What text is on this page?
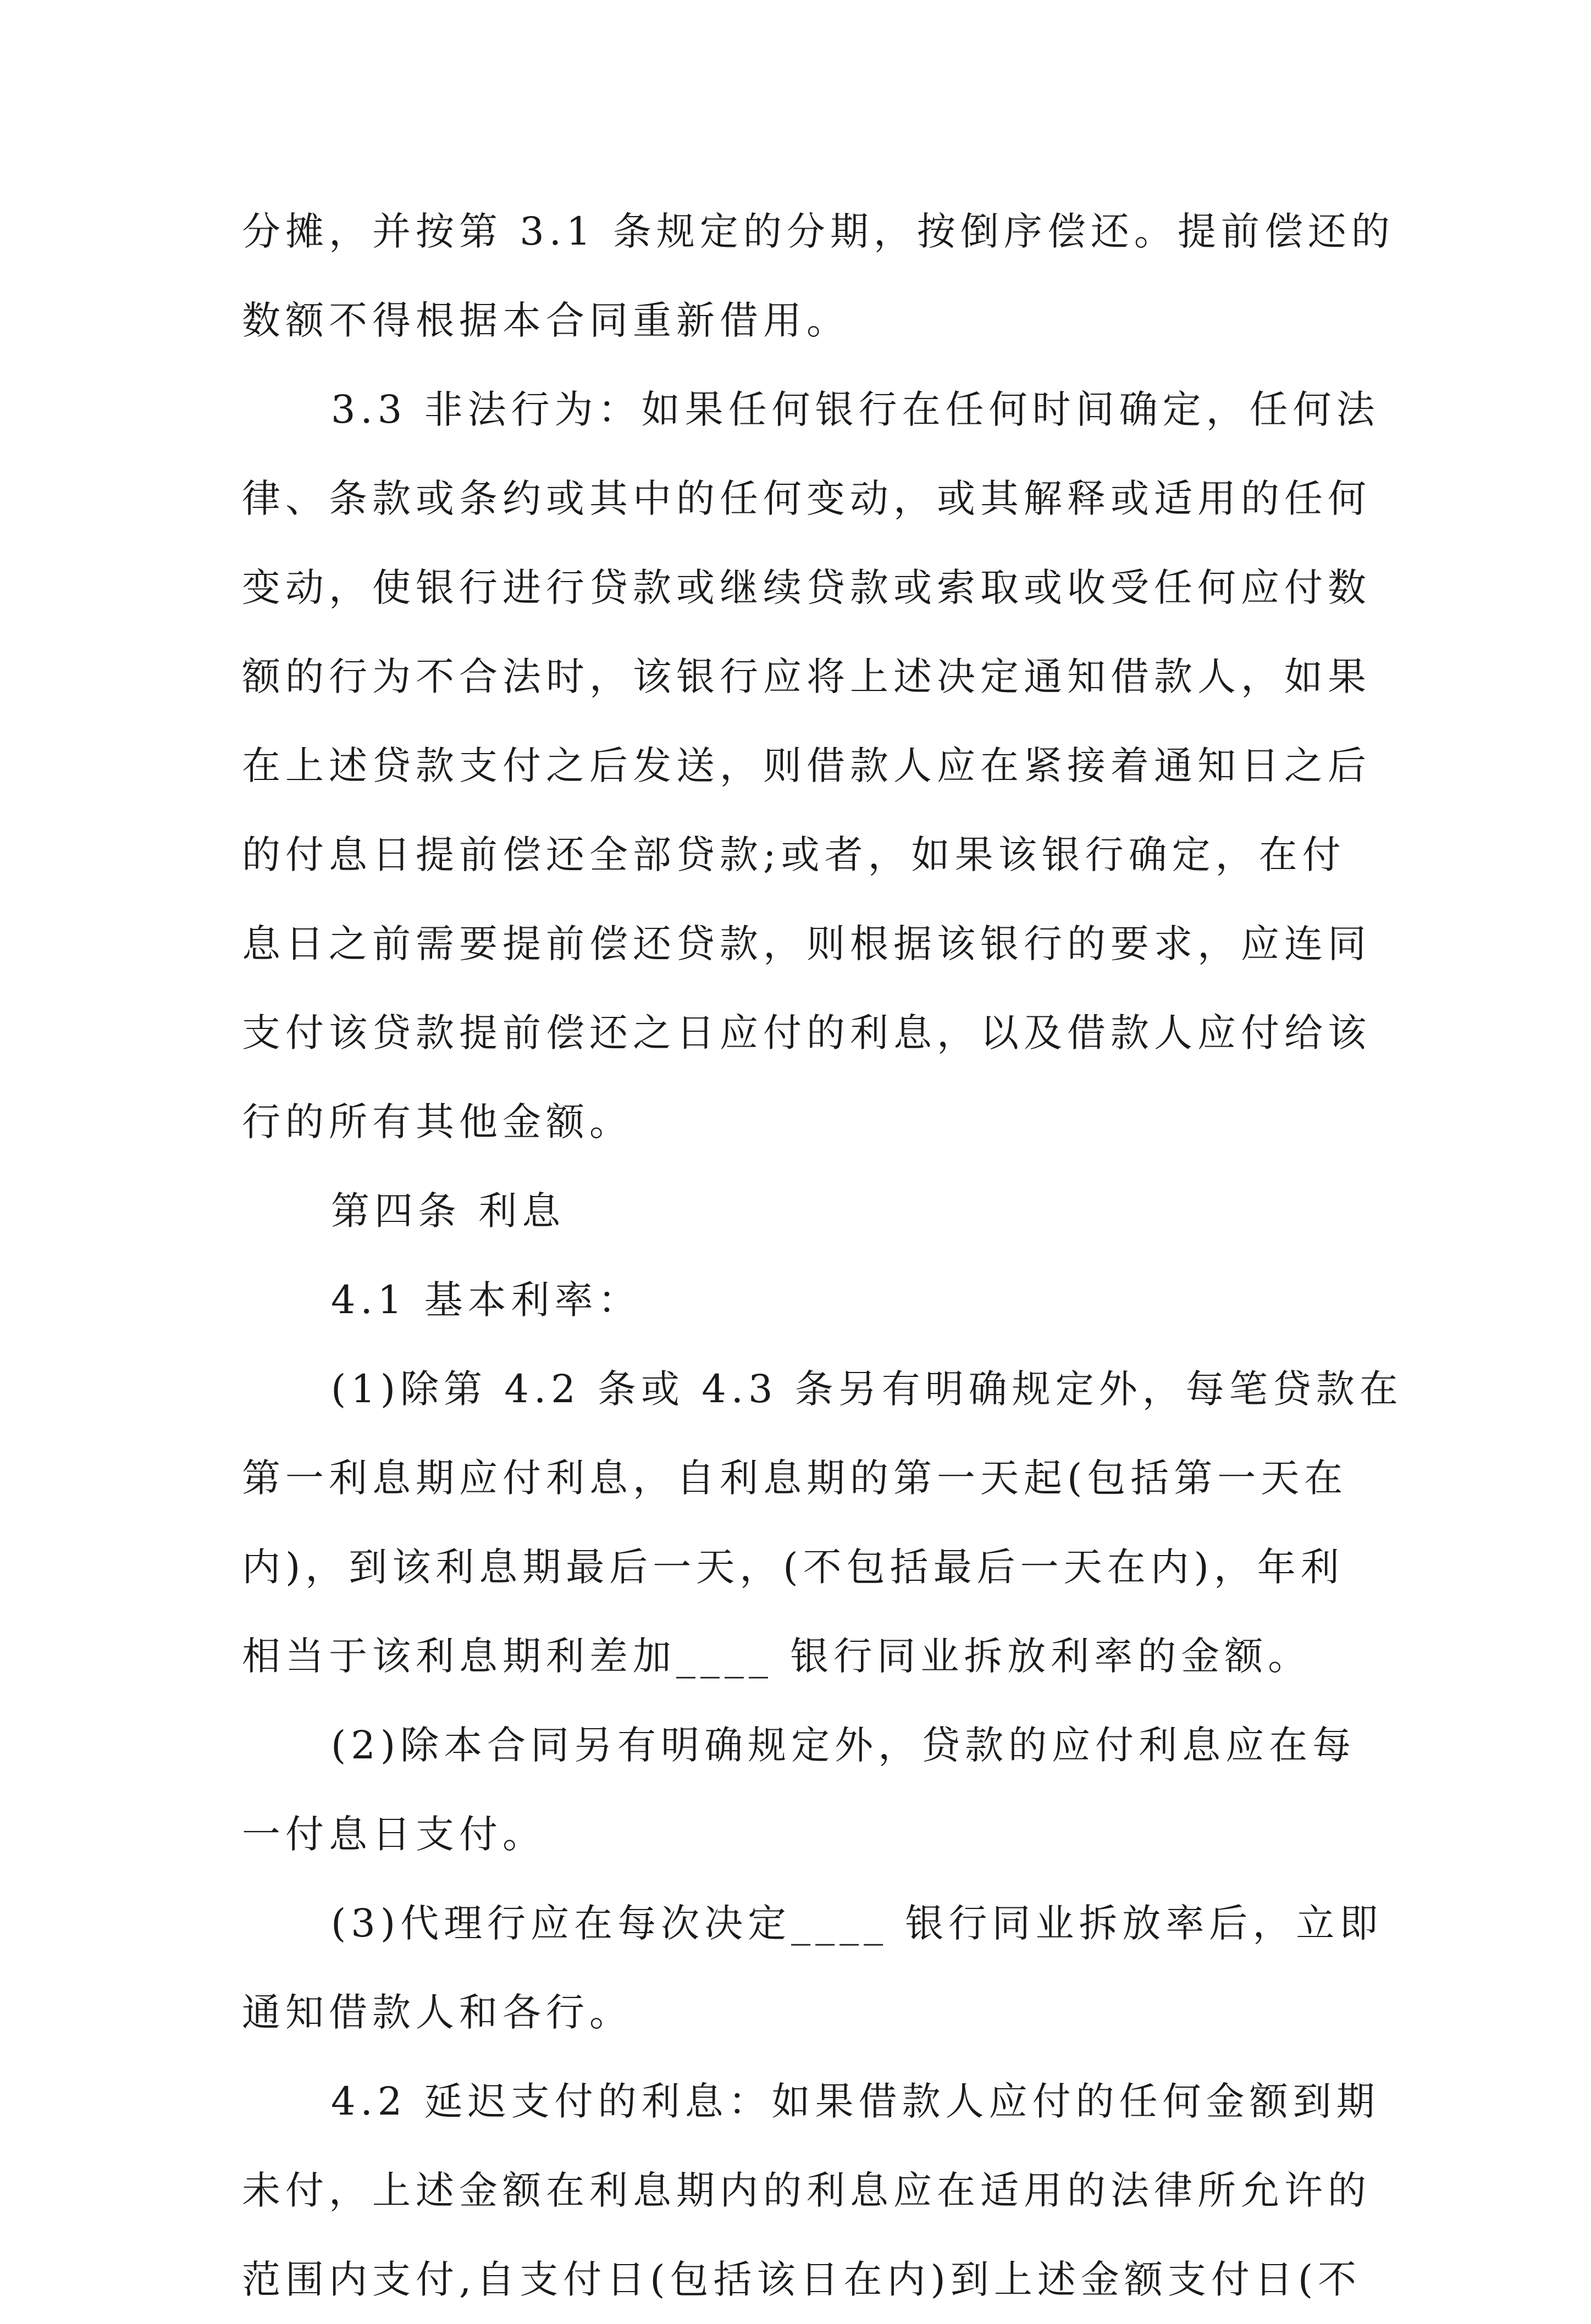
分摊，并按第 3.1 条规定的分期，按倒序偿还。提前偿还的
数额不得根据本合同重新借用。
3.3 非法行为：如果任何银行在任何时间确定，任何法
律、条款或条约或其中的任何变动，或其解释或适用的任何
变动，使银行进行贷款或继续贷款或索取或收受任何应付数
额的行为不合法时，该银行应将上述决定通知借款人，如果
在上述贷款支付之后发送，则借款人应在紧接着通知日之后
的付息日提前偿还全部贷款;或者，如果该银行确定，在付
息日之前需要提前偿还贷款，则根据该银行的要求，应连同
支付该贷款提前偿还之日应付的利息，以及借款人应付给该
行的所有其他金额。
第四条 利息
4.1 基本利率：
(1)除第 4.2 条或 4.3 条另有明确规定外，每笔贷款在
第一利息期应付利息，自利息期的第一天起(包括第一天在
内)，到该利息期最后一天，(不包括最后一天在内)，年利
相当于该利息期利差加____ 银行同业拆放利率的金额。
(2)除本合同另有明确规定外，贷款的应付利息应在每
一付息日支付。
(3)代理行应在每次决定____ 银行同业拆放率后，立即
通知借款人和各行。
4.2 延迟支付的利息：如果借款人应付的任何金额到期
未付，上述金额在利息期内的利息应在适用的法律所允许的
范围内支付,自支付日(包括该日在内)到上述金额支付日(不
